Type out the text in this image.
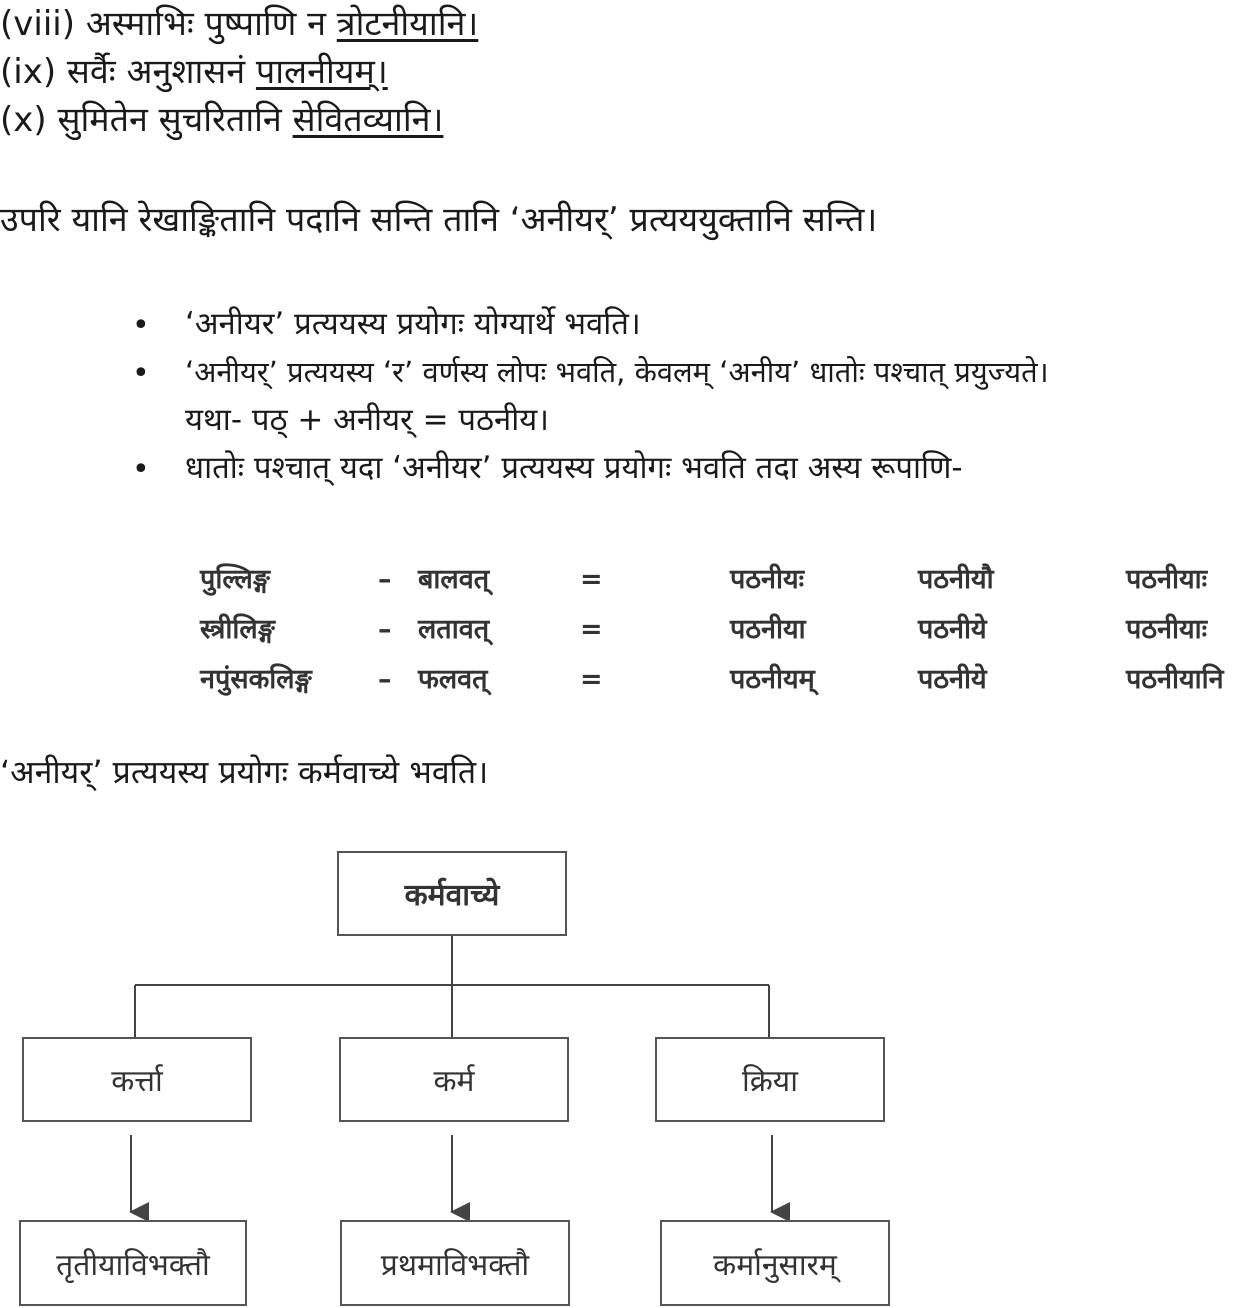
(viii) अस्माभिः पुष्पाणि न त्रोटनीयानि।
(ix) सर्वैः अनुशासनं पालनीयम्।
(x) सुमितेन सुचरितानि सेवितव्यानि।
उपरि यानि रेखाङ्कितानि पदानि सन्ति तानि ‘अनीयर्’ प्रत्यययुक्तानि सन्ति।
• ‘अनीयर’ प्रत्ययस्य प्रयोगः योग्यार्थे भवति।
• ‘अनीयर्’ प्रत्ययस्य ‘र’ वर्णस्य लोपः भवति, केवलम् ‘अनीय’ धातोः पश्चात् प्रयुज्यते।
यथा- पठ् + अनीयर् = पठनीय।
• धातोः पश्चात् यदा ‘अनीयर’ प्रत्ययस्य प्रयोगः भवति तदा अस्य रूपाणि-
पुल्लिङ्ग	– बालवत्	=	पठनीयः	पठनीयौ	पठनीयाः
स्त्रीलिङ्ग	– लतावत्	=	पठनीया	पठनीये	पठनीयाः
नपुंसकलिङ्ग – फलवत्	=	पठनीयम्	पठनीये	पठनीयानि
‘अनीयर्’ प्रत्ययस्य प्रयोगः कर्मवाच्ये भवति।
कर्मवाच्ये
कर्त्ता	कर्म	क्रिया
तृतीयाविभक्तौ	प्रथमाविभक्तौ	कर्मानुसारम्
